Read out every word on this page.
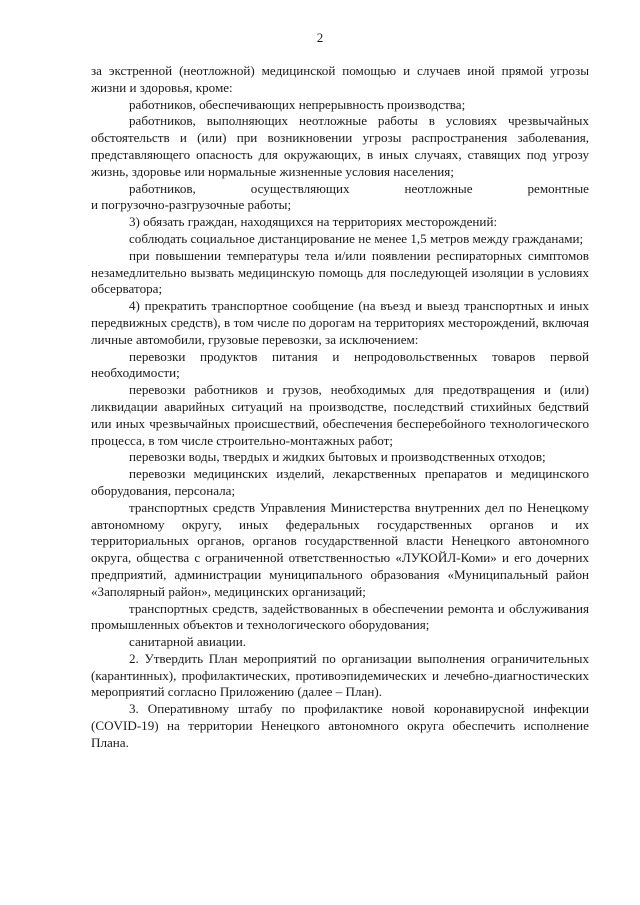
2

за экстренной (неотложной) медицинской помощью и случаев иной прямой угрозы жизни и здоровья, кроме:

работников, обеспечивающих непрерывность производства;

работников, выполняющих неотложные работы в условиях чрезвычайных обстоятельств и (или) при возникновении угрозы распространения заболевания, представляющего опасность для окружающих, в иных случаях, ставящих под угрозу жизнь, здоровье или нормальные жизненные условия населения;

работников, осуществляющих неотложные ремонтные

и погрузочно-разгрузочные работы;

3) обязать граждан, находящихся на территориях месторождений:

соблюдать социальное дистанцирование не менее 1,5 метров между гражданами;

при повышении температуры тела и/или появлении респираторных симптомов незамедлительно вызвать медицинскую помощь для последующей изоляции в условиях обсерватора;

4) прекратить транспортное сообщение (на въезд и выезд транспортных и иных передвижных средств), в том числе по дорогам на территориях месторождений, включая личные автомобили, грузовые перевозки, за исключением:

перевозки продуктов питания и непродовольственных товаров первой необходимости;

перевозки работников и грузов, необходимых для предотвращения и (или) ликвидации аварийных ситуаций на производстве, последствий стихийных бедствий или иных чрезвычайных происшествий, обеспечения бесперебойного технологического процесса, в том числе строительно-монтажных работ;

перевозки воды, твердых и жидких бытовых и производственных отходов;

перевозки медицинских изделий, лекарственных препаратов и медицинского оборудования, персонала;

транспортных средств Управления Министерства внутренних дел по Ненецкому автономному округу, иных федеральных государственных органов и их территориальных органов, органов государственной власти Ненецкого автономного округа, общества с ограниченной ответственностью «ЛУКОЙЛ-Коми» и его дочерних предприятий, администрации муниципального образования «Муниципальный район «Заполярный район», медицинских организаций;

транспортных средств, задействованных в обеспечении ремонта и обслуживания промышленных объектов и технологического оборудования;

санитарной авиации.

2. Утвердить План мероприятий по организации выполнения ограничительных (карантинных), профилактических, противоэпидемических и лечебно-диагностических мероприятий согласно Приложению (далее – План).

3. Оперативному штабу по профилактике новой коронавирусной инфекции (COVID-19) на территории Ненецкого автономного округа обеспечить исполнение Плана.
